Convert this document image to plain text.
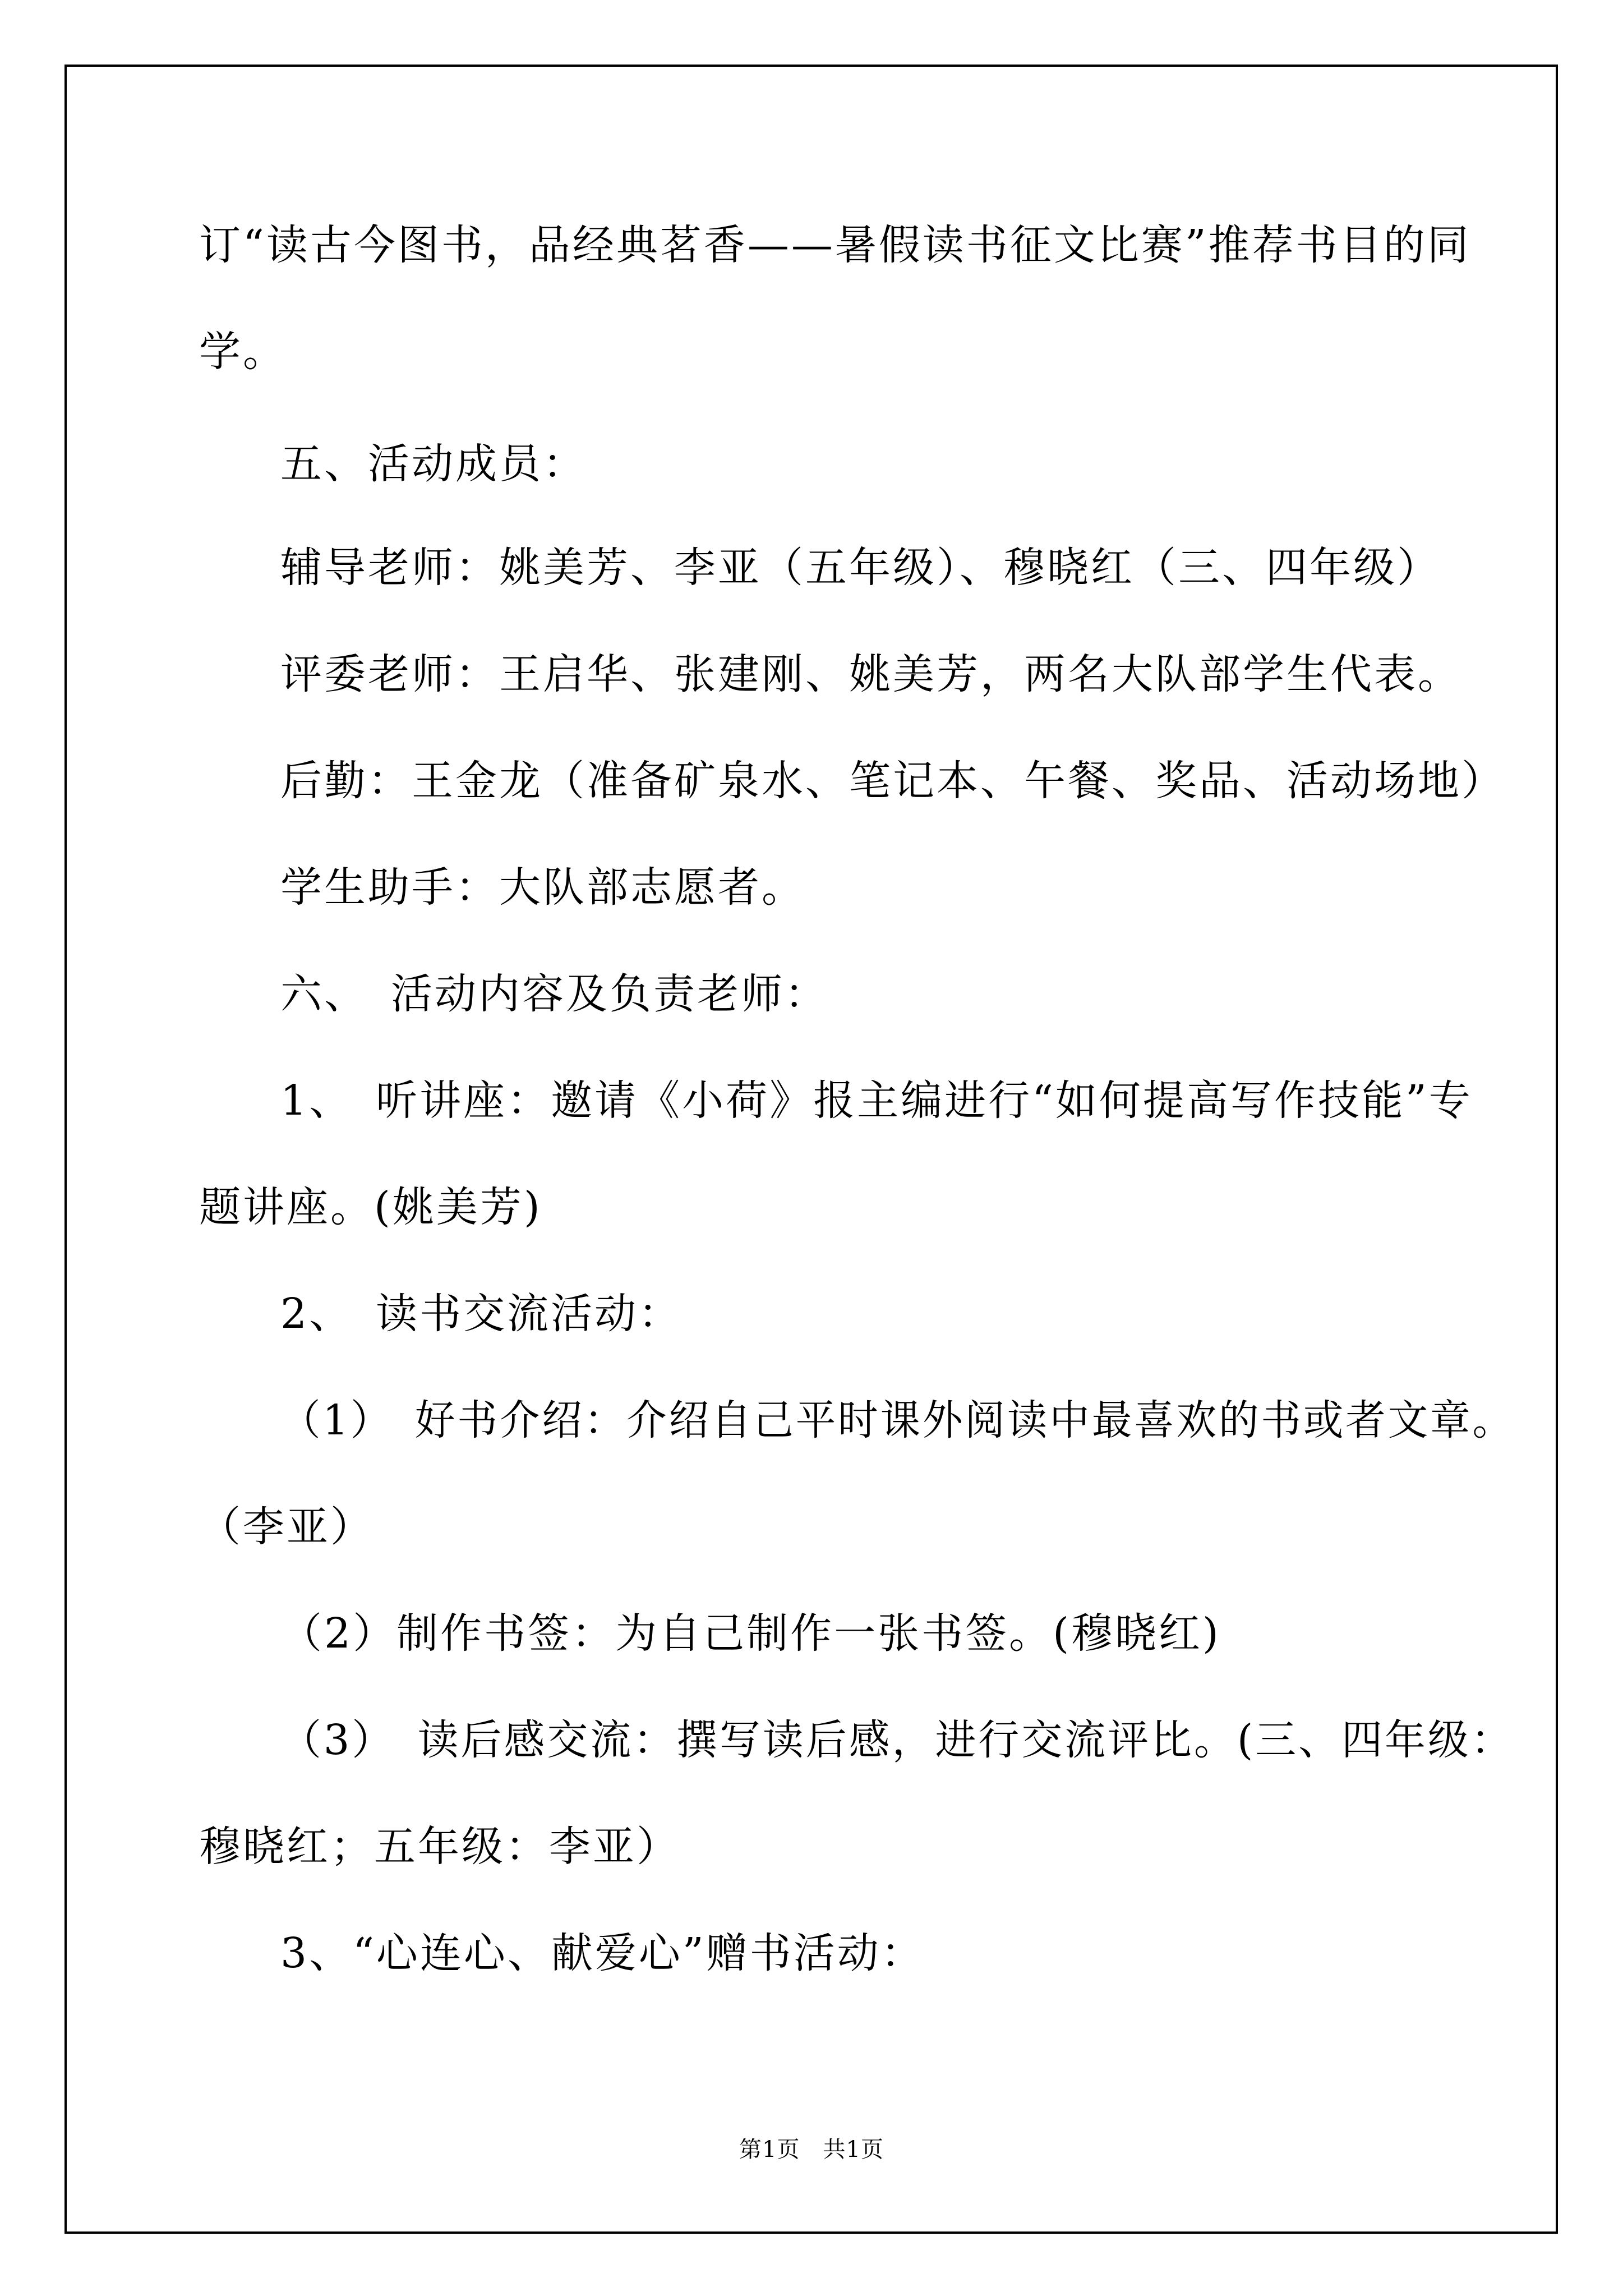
订“读古今图书，品经典茗香——暑假读书征文比赛”推荐书目的同
学。
五、活动成员：
辅导老师：姚美芳、李亚（五年级）、穆晓红（三、四年级）
评委老师：王启华、张建刚、姚美芳，两名大队部学生代表。
后勤：王金龙（准备矿泉水、笔记本、午餐、奖品、活动场地）
学生助手：大队部志愿者。
六、　活动内容及负责老师：
1、　听讲座：邀请《小荷》报主编进行“如何提高写作技能”专
题讲座。(姚美芳)
2、　读书交流活动：
（1）　好书介绍：介绍自己平时课外阅读中最喜欢的书或者文章。
（李亚）
（2）制作书签：为自己制作一张书签。(穆晓红)
（3）　读后感交流：撰写读后感，进行交流评比。(三、四年级：
穆晓红；五年级：李亚）
3、“心连心、献爱心”赠书活动：
第1页　共1页
